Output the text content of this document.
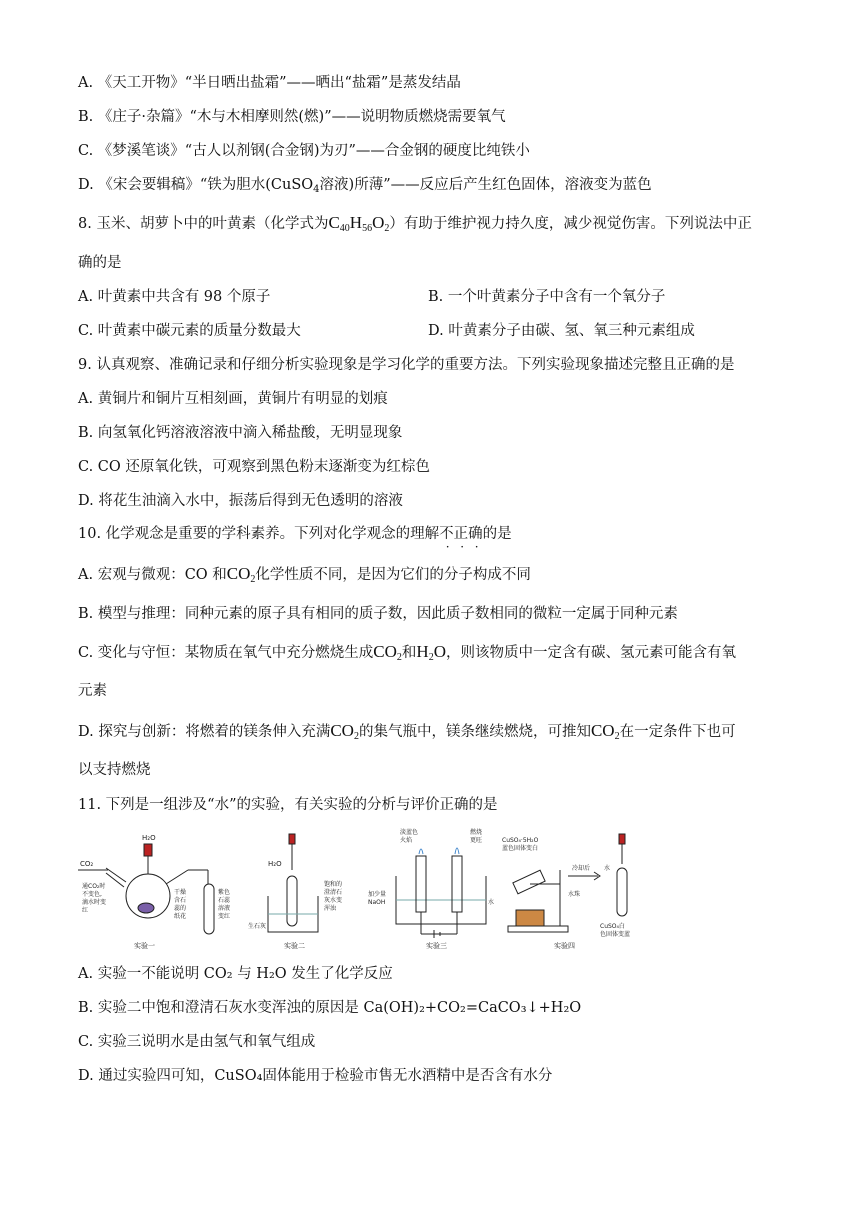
A. 《天工开物》“半日晒出盐霜”——晒出“盐霜”是蒸发结晶
B. 《庄子·杂篇》“木与木相摩则然(燃)”——说明物质燃烧需要氧气
C. 《梦溪笔谈》“古人以剂钢(合金钢)为刃”——合金钢的硬度比纯铁小
D. 《宋会要辑稿》“铁为胆水(CuSO$_4$溶液)所薄”——反应后产生红色固体，溶液变为蓝色
8. 玉米、胡萝卜中的叶黄素（化学式为$C_{40}H_{56}O_2$）有助于维护视力持久度，减少视觉伤害。下列说法中正
确的是
A. 叶黄素中共含有 98 个原子	B. 一个叶黄素分子中含有一个氧分子
C. 叶黄素中碳元素的质量分数最大	D. 叶黄素分子由碳、氢、氧三种元素组成
9. 认真观察、准确记录和仔细分析实验现象是学习化学的重要方法。下列实验现象描述完整且正确的是
A. 黄铜片和铜片互相刻画，黄铜片有明显的划痕
B. 向氢氧化钙溶液溶液中滴入稀盐酸，无明显现象
C. CO 还原氧化铁，可观察到黑色粉末逐渐变为红棕色
D. 将花生油滴入水中，振荡后得到无色透明的溶液
10. 化学观念是重要的学科素养。下列对化学观念的理解不正确的是
A. 宏观与微观：CO 和$CO_2$化学性质不同，是因为它们的分子构成不同
B. 模型与推理：同种元素的原子具有相同的质子数，因此质子数相同的微粒一定属于同种元素
C. 变化与守恒：某物质在氧气中充分燃烧生成$CO_2$和$H_2O$，则该物质中一定含有碳、氢元素可能含有氧
元素
D. 探究与创新：将燃着的镁条伸入充满$CO_2$的集气瓶中，镁条继续燃烧，可推知$CO_2$在一定条件下也可
以支持燃烧
11. 下列是一组涉及“水”的实验，有关实验的分析与评价正确的是
CO₂
H₂O
通CO₂时
不变色,
滴水时变
红
干燥
含石
蕊的
纸花
紫色
石蕊
溶液
变红
实验一
H₂O
生石灰
饱和的
澄清石
灰水变
浑浊
实验二
淡蓝色
火焰
燃烧
更旺
加少量
NaOH	水
实验三
CuSO₄·5H₂O
蓝色固体变白
冷却后
水珠
水
CuSO₄白
色固体变蓝
实验四
A. 实验一不能说明 CO₂ 与 H₂O 发生了化学反应
B. 实验二中饱和澄清石灰水变浑浊的原因是 Ca(OH)₂+CO₂=CaCO₃↓+H₂O
C. 实验三说明水是由氢气和氧气组成
D. 通过实验四可知，CuSO₄固体能用于检验市售无水酒精中是否含有水分
